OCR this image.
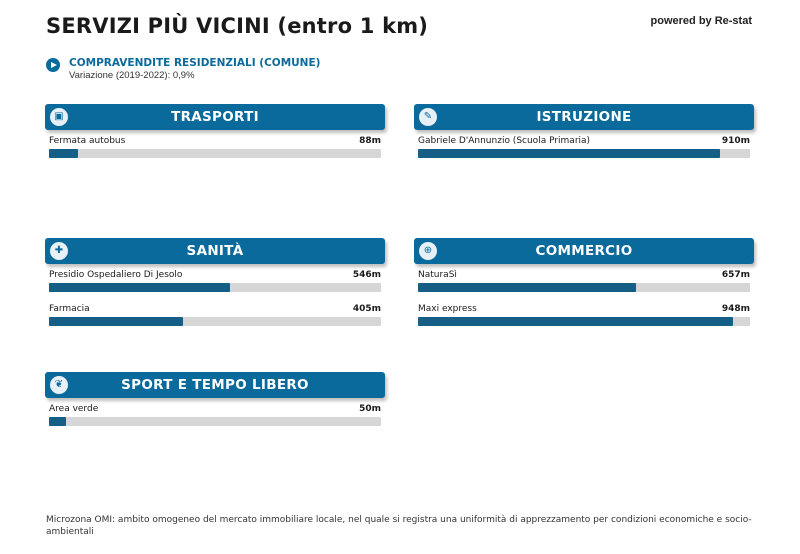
SERVIZI PIÙ VICINI (entro 1 km)	powered by Re-stat
COMPRAVENDITE RESIDENZIALI (COMUNE)
Variazione (2019-2022): 0,9%
▣	TRASPORTI
Fermata autobus	88m
✎	ISTRUZIONE
Gabriele D'Annunzio (Scuola Primaria)	910m
✚	SANITÀ
Presidio Ospedaliero Di Jesolo	546m
Farmacia	405m
⊕	COMMERCIO
NaturaSì	657m
Maxi express	948m
❦	SPORT E TEMPO LIBERO
Area verde	50m
Microzona OMI: ambito omogeneo del mercato immobiliare locale, nel quale si registra una uniformità di apprezzamento per condizioni economiche e socio-ambientali
